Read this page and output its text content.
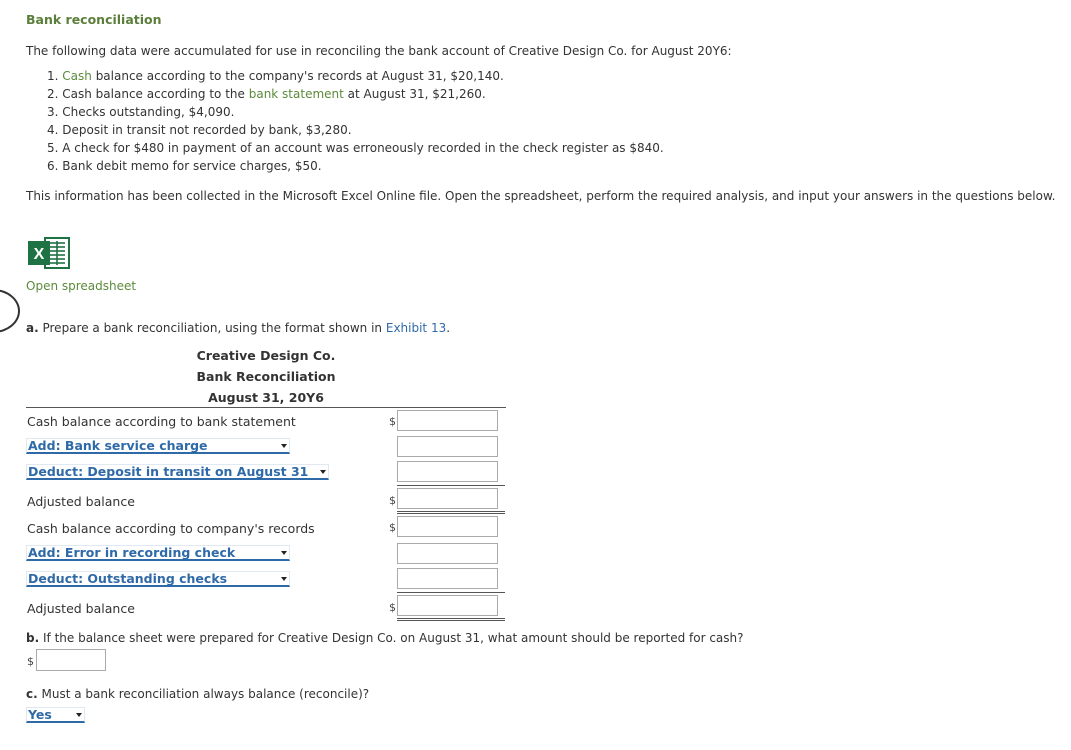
Bank reconciliation
The following data were accumulated for use in reconciling the bank account of Creative Design Co. for August 20Y6:
1. Cash balance according to the company's records at August 31, $20,140.
2. Cash balance according to the bank statement at August 31, $21,260.
3. Checks outstanding, $4,090.
4. Deposit in transit not recorded by bank, $3,280.
5. A check for $480 in payment of an account was erroneously recorded in the check register as $840.
6. Bank debit memo for service charges, $50.
This information has been collected in the Microsoft Excel Online file. Open the spreadsheet, perform the required analysis, and input your answers in the questions below.
X
Open spreadsheet
a. Prepare a bank reconciliation, using the format shown in Exhibit 13.
Creative Design Co.
Bank Reconciliation
August 31, 20Y6
Cash balance according to bank statement	$
Add: Bank service charge
Deduct: Deposit in transit on August 31
Adjusted balance	$
Cash balance according to company's records	$
Add: Error in recording check
Deduct: Outstanding checks
Adjusted balance	$
b. If the balance sheet were prepared for Creative Design Co. on August 31, what amount should be reported for cash?
$
c. Must a bank reconciliation always balance (reconcile)?
Yes
